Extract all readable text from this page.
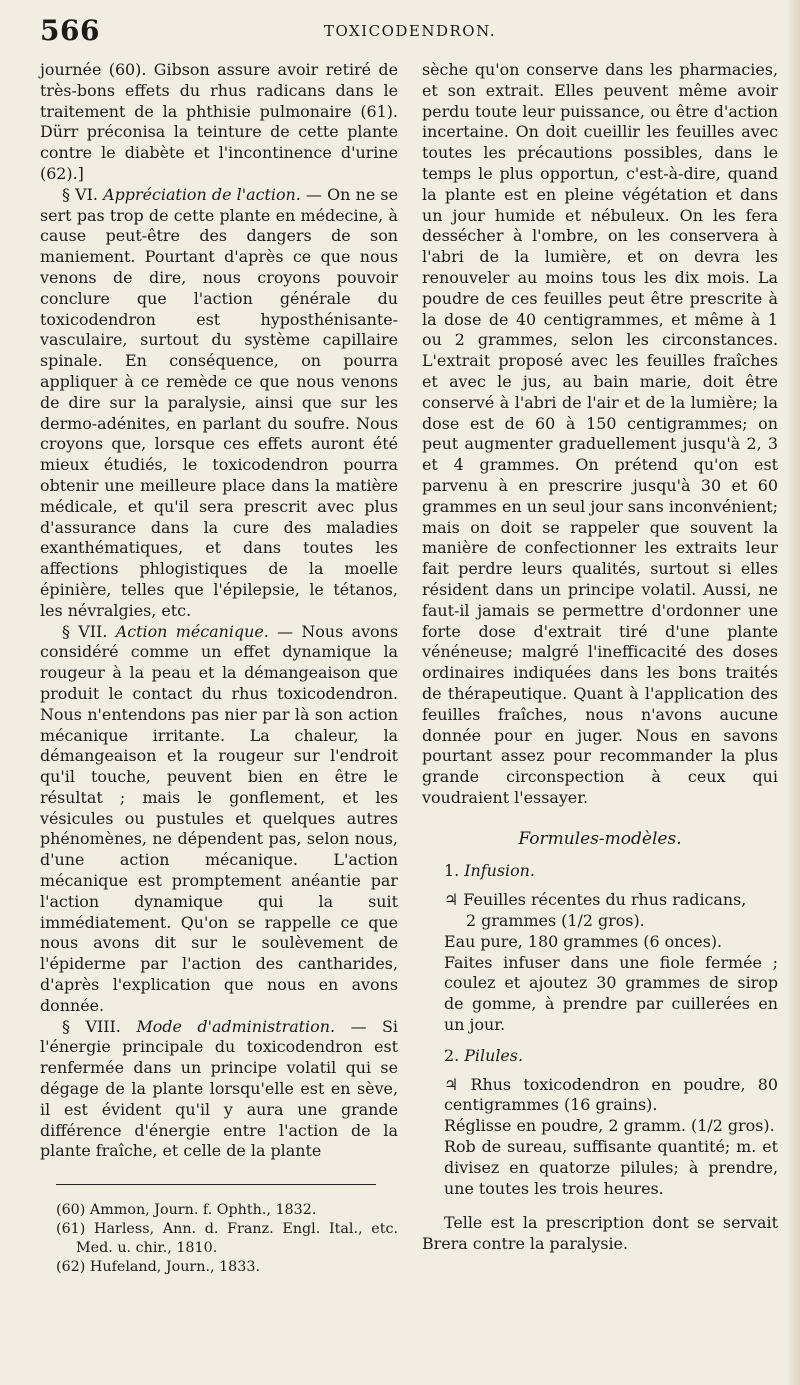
566	TOXICODENDRON.

journée (60). Gibson assure avoir retiré de très-bons effets du rhus radicans dans le traitement de la phthisie pulmonaire (61). Dürr préconisa la teinture de cette plante contre le diabète et l'incontinence d'urine (62).]

§ VI. Appréciation de l'action. — On ne se sert pas trop de cette plante en médecine, à cause peut-être des dangers de son maniement. Pourtant d'après ce que nous venons de dire, nous croyons pouvoir conclure que l'action générale du toxicodendron est hyposthénisante-vasculaire, surtout du système capillaire spinale. En conséquence, on pourra appliquer à ce remède ce que nous venons de dire sur la paralysie, ainsi que sur les dermo-adénites, en parlant du soufre. Nous croyons que, lorsque ces effets auront été mieux étudiés, le toxicodendron pourra obtenir une meilleure place dans la matière médicale, et qu'il sera prescrit avec plus d'assurance dans la cure des maladies exanthématiques, et dans toutes les affections phlogistiques de la moelle épinière, telles que l'épilepsie, le tétanos, les névralgies, etc.

§ VII. Action mécanique. — Nous avons considéré comme un effet dynamique la rougeur à la peau et la démangeaison que produit le contact du rhus toxicodendron. Nous n'entendons pas nier par là son action mécanique irritante. La chaleur, la démangeaison et la rougeur sur l'endroit qu'il touche, peuvent bien en être le résultat ; mais le gonflement, et les vésicules ou pustules et quelques autres phénomènes, ne dépendent pas, selon nous, d'une action mécanique. L'action mécanique est promptement anéantie par l'action dynamique qui la suit immédiatement. Qu'on se rappelle ce que nous avons dit sur le soulèvement de l'épiderme par l'action des cantharides, d'après l'explication que nous en avons donnée.

§ VIII. Mode d'administration. — Si l'énergie principale du toxicodendron est renfermée dans un principe volatil qui se dégage de la plante lorsqu'elle est en sève, il est évident qu'il y aura une grande différence d'énergie entre l'action de la plante fraîche, et celle de la plante

(60) Ammon, Journ. f. Ophth., 1832.

(61) Harless, Ann. d. Franz. Engl. Ital., etc. Med. u. chir., 1810.

(62) Hufeland, Journ., 1833.

sèche qu'on conserve dans les pharmacies, et son extrait. Elles peuvent même avoir perdu toute leur puissance, ou être d'action incertaine. On doit cueillir les feuilles avec toutes les précautions possibles, dans le temps le plus opportun, c'est-à-dire, quand la plante est en pleine végétation et dans un jour humide et nébuleux. On les fera dessécher à l'ombre, on les conservera à l'abri de la lumière, et on devra les renouveler au moins tous les dix mois. La poudre de ces feuilles peut être prescrite à la dose de 40 centigrammes, et même à 1 ou 2 grammes, selon les circonstances. L'extrait proposé avec les feuilles fraîches et avec le jus, au bain marie, doit être conservé à l'abri de l'air et de la lumière; la dose est de 60 à 150 centigrammes; on peut augmenter graduellement jusqu'à 2, 3 et 4 grammes. On prétend qu'on est parvenu à en prescrire jusqu'à 30 et 60 grammes en un seul jour sans inconvénient; mais on doit se rappeler que souvent la manière de confectionner les extraits leur fait perdre leurs qualités, surtout si elles résident dans un principe volatil. Aussi, ne faut-il jamais se permettre d'ordonner une forte dose d'extrait tiré d'une plante vénéneuse; malgré l'inefficacité des doses ordinaires indiquées dans les bons traités de thérapeutique. Quant à l'application des feuilles fraîches, nous n'avons aucune donnée pour en juger. Nous en savons pourtant assez pour recommander la plus grande circonspection à ceux qui voudraient l'essayer.

Formules-modèles.

1. Infusion.

♃ Feuilles récentes du rhus radicans,

2 grammes (1/2 gros).

Eau pure, 180 grammes (6 onces).

Faites infuser dans une fiole fermée ; coulez et ajoutez 30 grammes de sirop de gomme, à prendre par cuillerées en un jour.

2. Pilules.

♃ Rhus toxicodendron en poudre, 80 centigrammes (16 grains).

Réglisse en poudre, 2 gramm. (1/2 gros).

Rob de sureau, suffisante quantité; m. et divisez en quatorze pilules; à prendre, une toutes les trois heures.

Telle est la prescription dont se servait Brera contre la paralysie.
